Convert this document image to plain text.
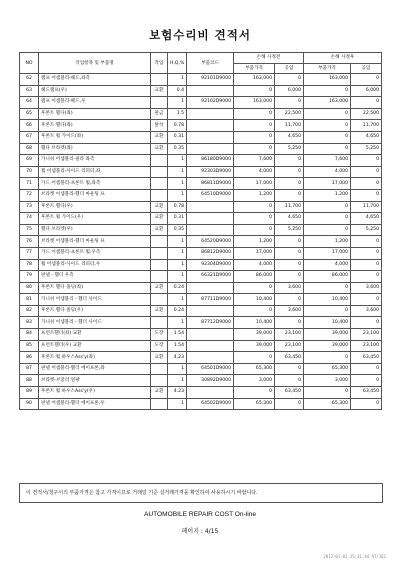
보험수리비 견적서
NO	작업항목 및 부품명	작업	H,Q,%	부품코드	손해 사정전		손해 사정후	
					부품가격	공임	부품가격	공임
62	램프 어셈블리-헤드,좌측		1	92101D9000	163,000	0	163,000	0
63	헤드램프(우)	교환	0.4		0	6,000	0	6,000
64	램프 어셈블리-헤드,우		1	92102D9000	163,000	0	163,000	0
65	후론트 휀다(좌)	판금	1.5		0	22,500	0	22,500
66	후론트 휀다(좌)	탈착	0.78		0	11,700	0	11,700
67	후론트 휠 가이드(좌)	교환	0.31		0	4,650	0	4,650
68	휀다 브라켓(좌)	교환	0.35		0	5,250	0	5,250
69	가니쉬 어셈블리-필라 좌측		1	86180D9000	7,600	0	7,600	0
70	휠 어셈블리-사이드 리피터,좌		1	92303D9000	4,000	0	4,000	0
71	가드 어셈블리-프론트 휠,좌측		1	86811D9000	17,000	0	17,000	0
72	브라켓 어셈블리-휀더 마운팅 프		1	64510D9000	1,200	0	1,200	0
73	후론트 휀다(우)	교환	0.78		0	11,700	0	11,700
74	후론트 휠 가이드(우)	교환	0.31		0	4,650	0	4,650
75	휀다 브라켓(우)	교환	0.35		0	5,250	0	5,250
76	브라켓 어셈블리-휀더 마운팅 프		1	64520D9000	1,200	0	1,200	0
77	가드 어셈블리-프론트 휠,우측		1	86812D9000	17,000	0	17,000	0
78	휠 어셈블리-사이드 리피터,우		1	92304D9000	4,000	0	4,000	0
79	판넬 - 휀더 우측		1	66321D9000	86,000	0	86,000	0
80	후론트 휀다 몰딩(좌)	교환	0.24		0	3,600	0	3,600
81	가니쉬 어셈블리 - 휀더 사이드		1	87711D9000	10,400	0	10,400	0
82	후론트 휀다 몰딩(우)	교환	0.24		0	3,600	0	3,600
83	가니쉬 어셈블리 - 휀더 사이드		1	87712D9000	10,400	0	10,400	0
84	프런트휀더(좌) 교환	도장	1.54		39,000	23,100	39,000	23,100
85	프런트휀더(우) 교환	도장	1.54		39,000	23,100	39,000	23,100
86	후론트 휠 하우스Ass'y(좌)	교환	4.23		0	63,450	0	63,450
87	판넬 어셈블리-휀더 에이프론,좌		1	64501D9000	65,300	0	65,300	0
88	브라켓-브굴러 멀팡		1	30892D9000	3,000	0	3,000	0
89	후론트 휠 하우스Ass'y(우)	교환	4.23		0	63,450	0	63,450
90	판넬 어셈블리-휀더 에이프론,우		1	64502D9000	65,300	0	65,300	0
이 견적서/청구서의 부품가격은 참고 가격이므로 거래일 기준 실거래가격을 확인하여 사용하시기 바랍니다.
AUTOMOBILE REPAIR COST On-line
페이지 : 4/15
2012-01-02 15:31:44 AT/161
